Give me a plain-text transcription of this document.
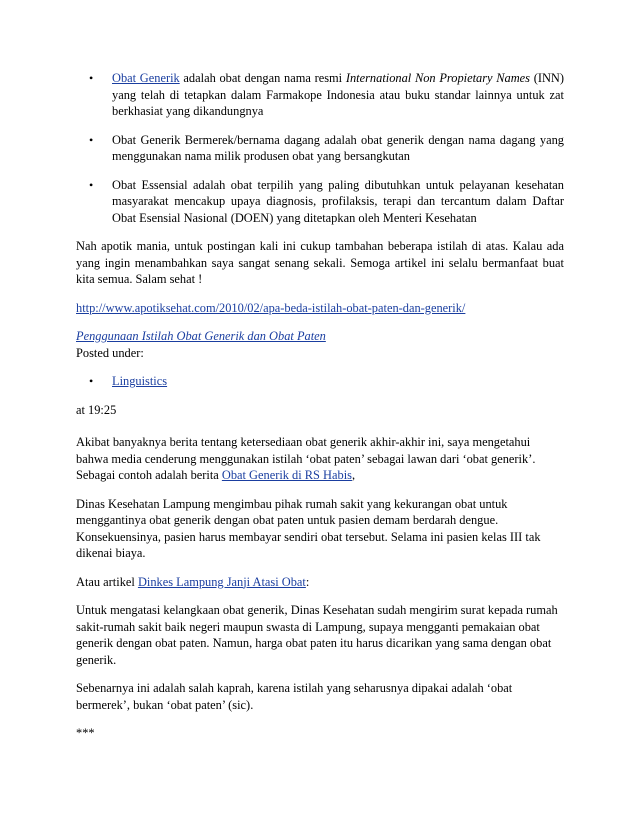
• Obat Generik adalah obat dengan nama resmi International Non Propietary Names (INN) yang telah di tetapkan dalam Farmakope Indonesia atau buku standar lainnya untuk zat berkhasiat yang dikandungnya
• Obat Generik Bermerek/bernama dagang adalah obat generik dengan nama dagang yang menggunakan nama milik produsen obat yang bersangkutan
• Obat Essensial adalah obat terpilih yang paling dibutuhkan untuk pelayanan kesehatan masyarakat mencakup upaya diagnosis, profilaksis, terapi dan tercantum dalam Daftar Obat Esensial Nasional (DOEN) yang ditetapkan oleh Menteri Kesehatan

Nah apotik mania, untuk postingan kali ini cukup tambahan beberapa istilah di atas. Kalau ada yang ingin menambahkan saya sangat senang sekali. Semoga artikel ini selalu bermanfaat buat kita semua. Salam sehat !

http://www.apotiksehat.com/2010/02/apa-beda-istilah-obat-paten-dan-generik/

Penggunaan Istilah Obat Generik dan Obat Paten
Posted under:
• Linguistics

at 19:25

Akibat banyaknya berita tentang ketersediaan obat generik akhir-akhir ini, saya mengetahui bahwa media cenderung menggunakan istilah ‘obat paten’ sebagai lawan dari ‘obat generik’. Sebagai contoh adalah berita Obat Generik di RS Habis,

Dinas Kesehatan Lampung mengimbau pihak rumah sakit yang kekurangan obat untuk menggantinya obat generik dengan obat paten untuk pasien demam berdarah dengue. Konsekuensinya, pasien harus membayar sendiri obat tersebut. Selama ini pasien kelas III tak dikenai biaya.

Atau artikel Dinkes Lampung Janji Atasi Obat:

Untuk mengatasi kelangkaan obat generik, Dinas Kesehatan sudah mengirim surat kepada rumah sakit-rumah sakit baik negeri maupun swasta di Lampung, supaya mengganti pemakaian obat generik dengan obat paten. Namun, harga obat paten itu harus dicarikan yang sama dengan obat generik.

Sebenarnya ini adalah salah kaprah, karena istilah yang seharusnya dipakai adalah ‘obat bermerek’, bukan ‘obat paten’ (sic).

***
